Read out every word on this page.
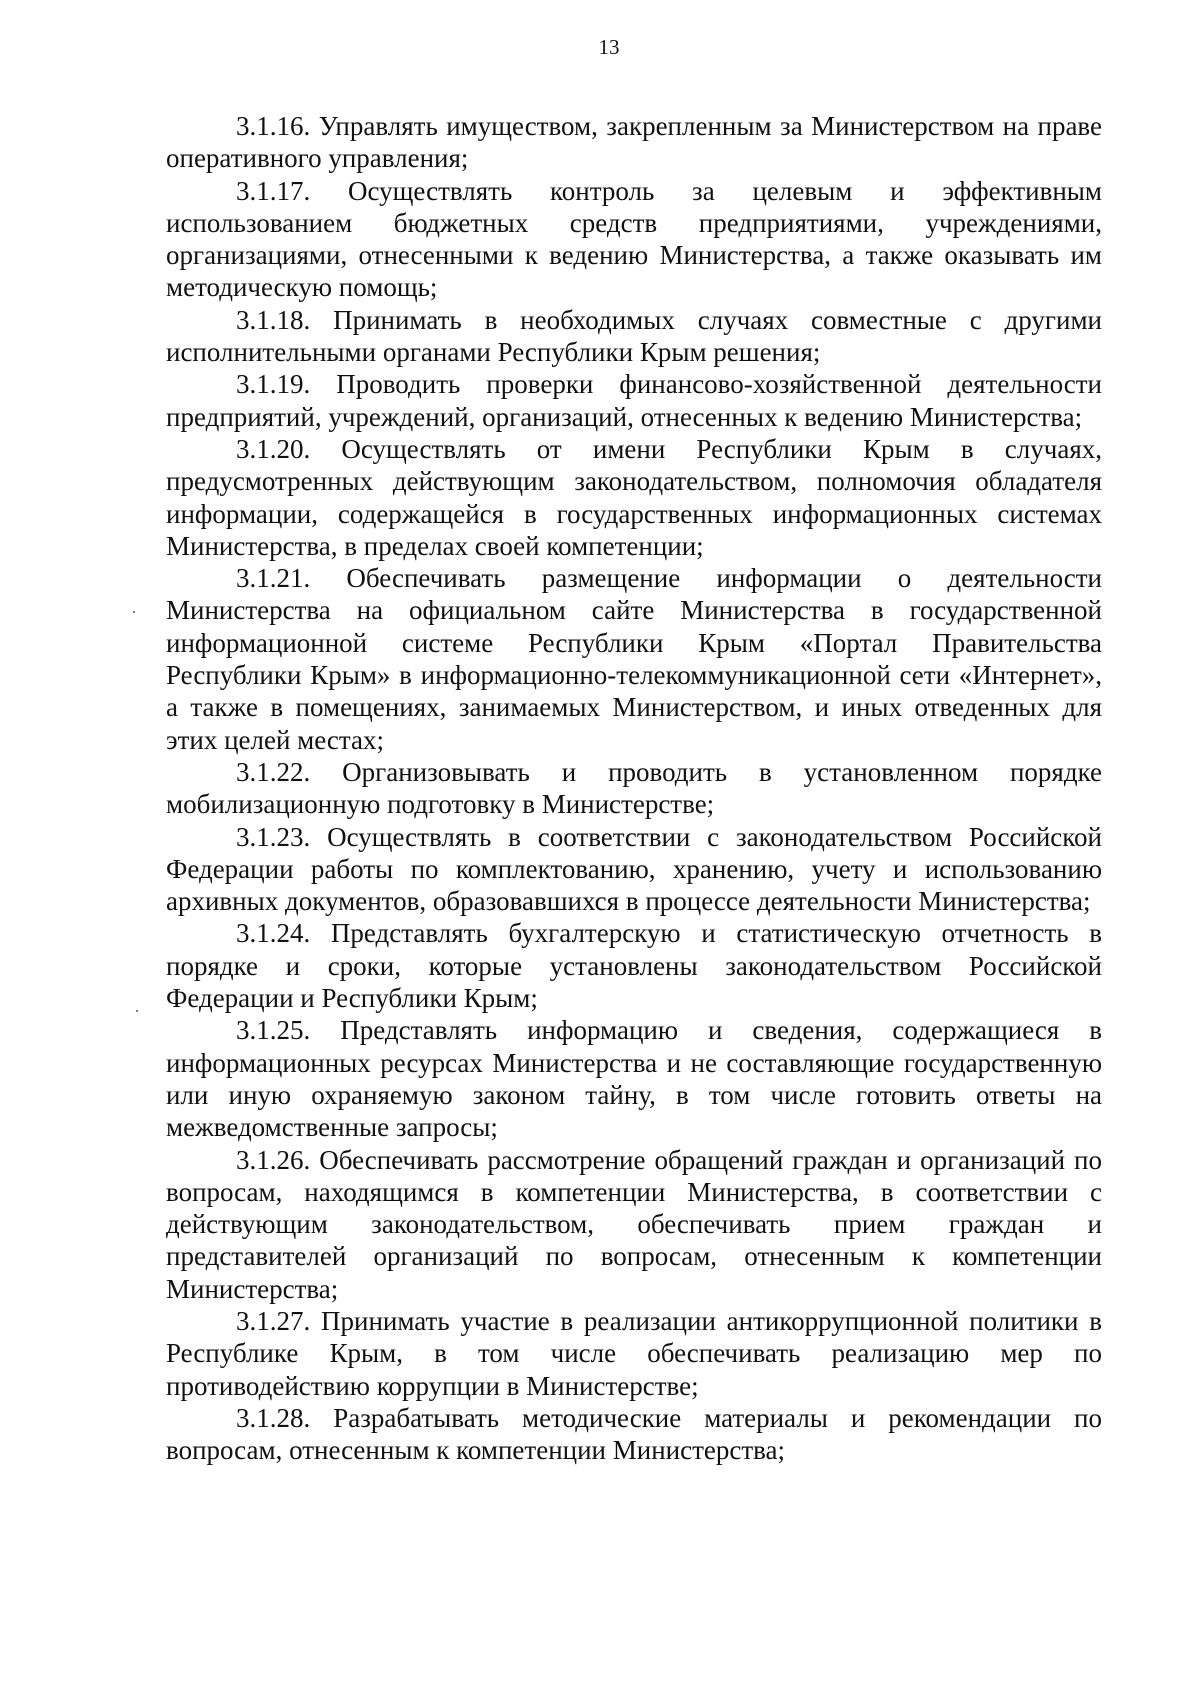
13

3.1.16. Управлять имуществом, закрепленным за Министерством на праве оперативного управления;

3.1.17. Осуществлять контроль за целевым и эффективным использованием бюджетных средств предприятиями, учреждениями, организациями, отнесенными к ведению Министерства, а также оказывать им методическую помощь;

3.1.18. Принимать в необходимых случаях совместные с другими исполнительными органами Республики Крым решения;

3.1.19. Проводить проверки финансово-хозяйственной деятельности предприятий, учреждений, организаций, отнесенных к ведению Министерства;

3.1.20. Осуществлять от имени Республики Крым в случаях, предусмотренных действующим законодательством, полномочия обладателя информации, содержащейся в государственных информационных системах Министерства, в пределах своей компетенции;

3.1.21. Обеспечивать размещение информации о деятельности Министерства на официальном сайте Министерства в государственной информационной системе Республики Крым «Портал Правительства Республики Крым» в информационно-телекоммуникационной сети «Интернет», а также в помещениях, занимаемых Министерством, и иных отведенных для этих целей местах;

3.1.22. Организовывать и проводить в установленном порядке мобилизационную подготовку в Министерстве;

3.1.23. Осуществлять в соответствии с законодательством Российской Федерации работы по комплектованию, хранению, учету и использованию архивных документов, образовавшихся в процессе деятельности Министерства;

3.1.24. Представлять бухгалтерскую и статистическую отчетность в порядке и сроки, которые установлены законодательством Российской Федерации и Республики Крым;

3.1.25. Представлять информацию и сведения, содержащиеся в информационных ресурсах Министерства и не составляющие государственную или иную охраняемую законом тайну, в том числе готовить ответы на межведомственные запросы;

3.1.26. Обеспечивать рассмотрение обращений граждан и организаций по вопросам, находящимся в компетенции Министерства, в соответствии с действующим законодательством, обеспечивать прием граждан и представителей организаций по вопросам, отнесенным к компетенции Министерства;

3.1.27. Принимать участие в реализации антикоррупционной политики в Республике Крым, в том числе обеспечивать реализацию мер по противодействию коррупции в Министерстве;

3.1.28. Разрабатывать методические материалы и рекомендации по вопросам, отнесенным к компетенции Министерства;
